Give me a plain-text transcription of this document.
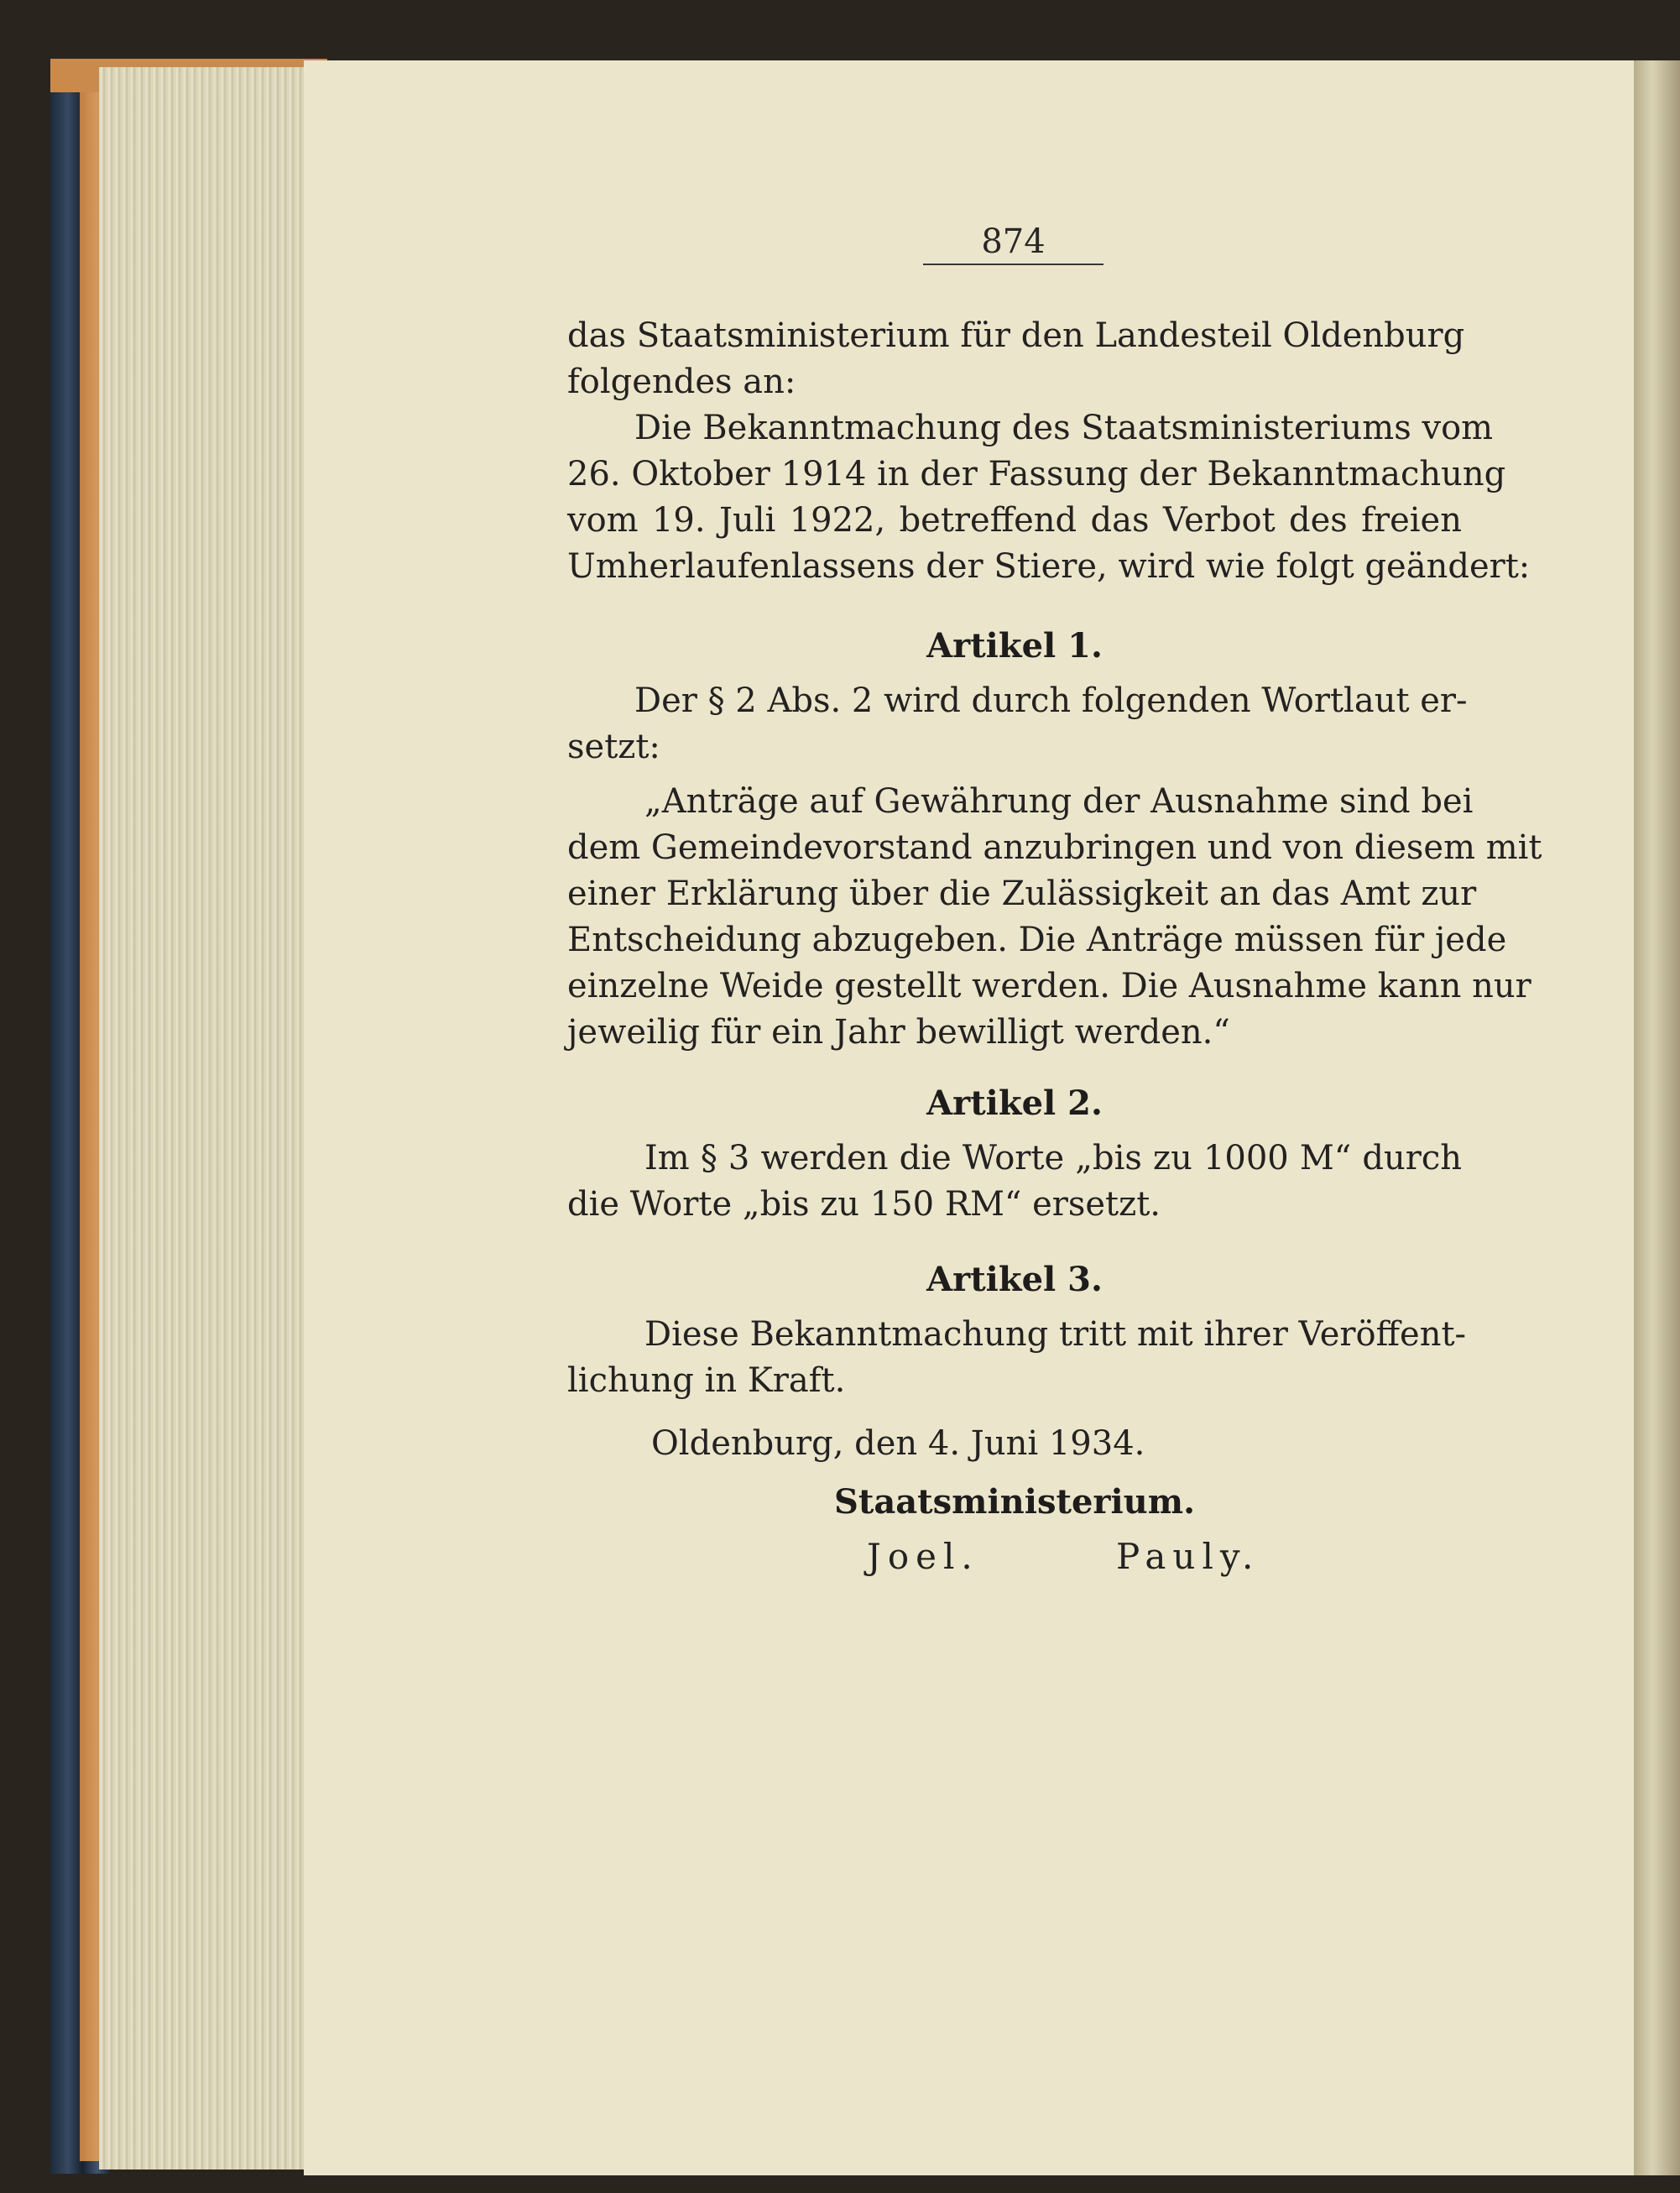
874
das Staatsministerium für den Landesteil Oldenburg
folgendes an:
Die Bekanntmachung des Staatsministeriums vom
26. Oktober 1914 in der Fassung der Bekanntmachung
vom 19. Juli 1922, betreffend das Verbot des freien
Umherlaufenlassens der Stiere, wird wie folgt geändert:
Artikel 1.
Der § 2 Abs. 2 wird durch folgenden Wortlaut er-
setzt:
„Anträge auf Gewährung der Ausnahme sind bei
dem Gemeindevorstand anzubringen und von diesem mit
einer Erklärung über die Zulässigkeit an das Amt zur
Entscheidung abzugeben. Die Anträge müssen für jede
einzelne Weide gestellt werden. Die Ausnahme kann nur
jeweilig für ein Jahr bewilligt werden.“
Artikel 2.
Im § 3 werden die Worte „bis zu 1000 M“ durch
die Worte „bis zu 150 RM“ ersetzt.
Artikel 3.
Diese Bekanntmachung tritt mit ihrer Veröffent-
lichung in Kraft.
Oldenburg, den 4. Juni 1934.
Staatsministerium.
Joel.	Pauly.
